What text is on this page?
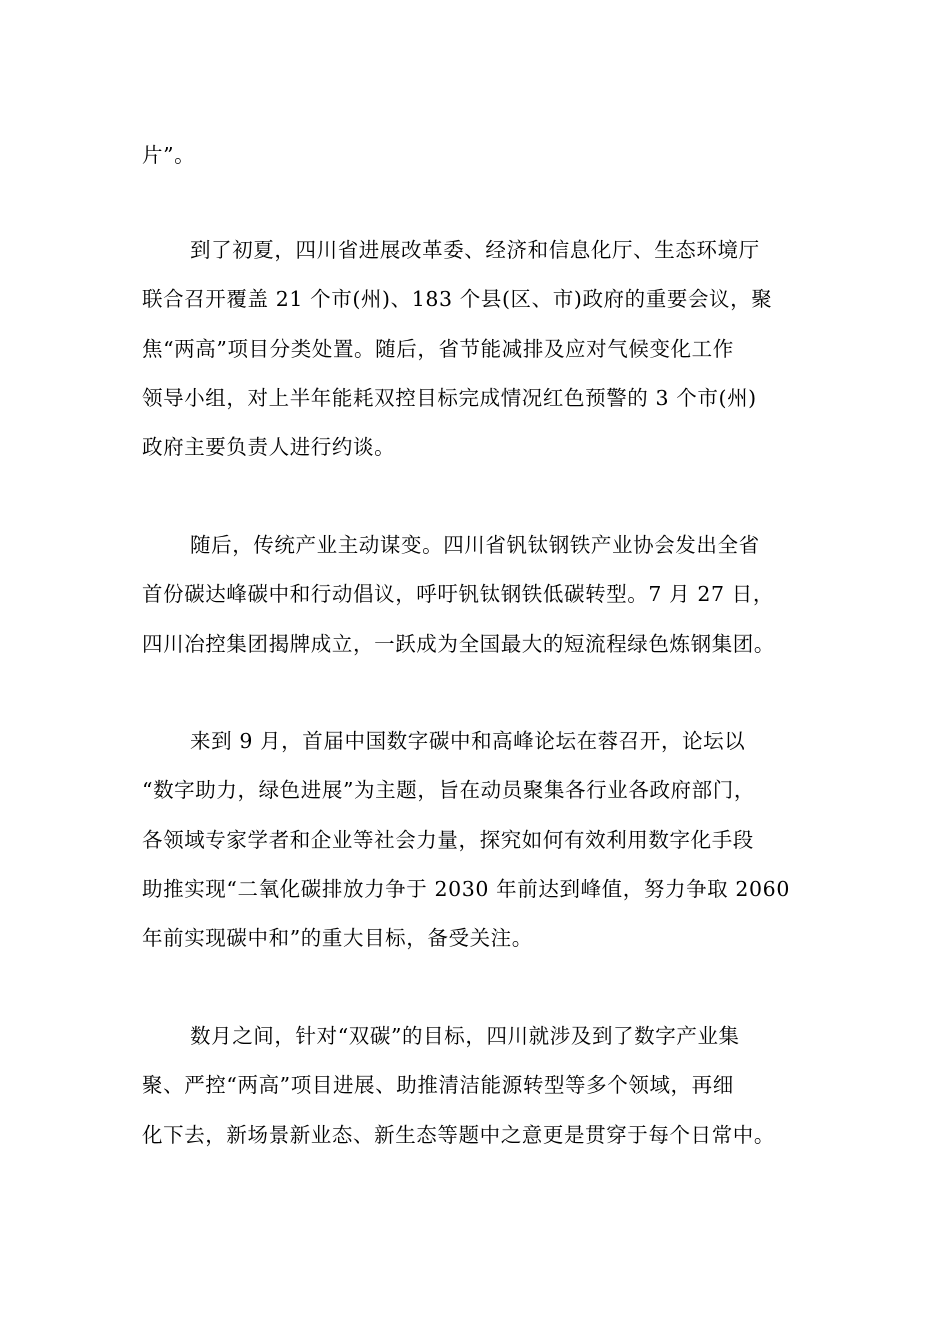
片”。
到了初夏，四川省进展改革委、经济和信息化厅、生态环境厅
联合召开覆盖 21 个市(州)、183 个县(区、市)政府的重要会议，聚
焦“两高”项目分类处置。随后，省节能减排及应对气候变化工作
领导小组，对上半年能耗双控目标完成情况红色预警的 3 个市(州)
政府主要负责人进行约谈。
随后，传统产业主动谋变。四川省钒钛钢铁产业协会发出全省
首份碳达峰碳中和行动倡议，呼吁钒钛钢铁低碳转型。7 月 27 日，
四川冶控集团揭牌成立，一跃成为全国最大的短流程绿色炼钢集团。
来到 9 月，首届中国数字碳中和高峰论坛在蓉召开，论坛以
“数字助力，绿色进展”为主题，旨在动员聚集各行业各政府部门，
各领域专家学者和企业等社会力量，探究如何有效利用数字化手段
助推实现“二氧化碳排放力争于 2030 年前达到峰值，努力争取 2060
年前实现碳中和”的重大目标，备受关注。
数月之间，针对“双碳”的目标，四川就涉及到了数字产业集
聚、严控“两高”项目进展、助推清洁能源转型等多个领域，再细
化下去，新场景新业态、新生态等题中之意更是贯穿于每个日常中。
